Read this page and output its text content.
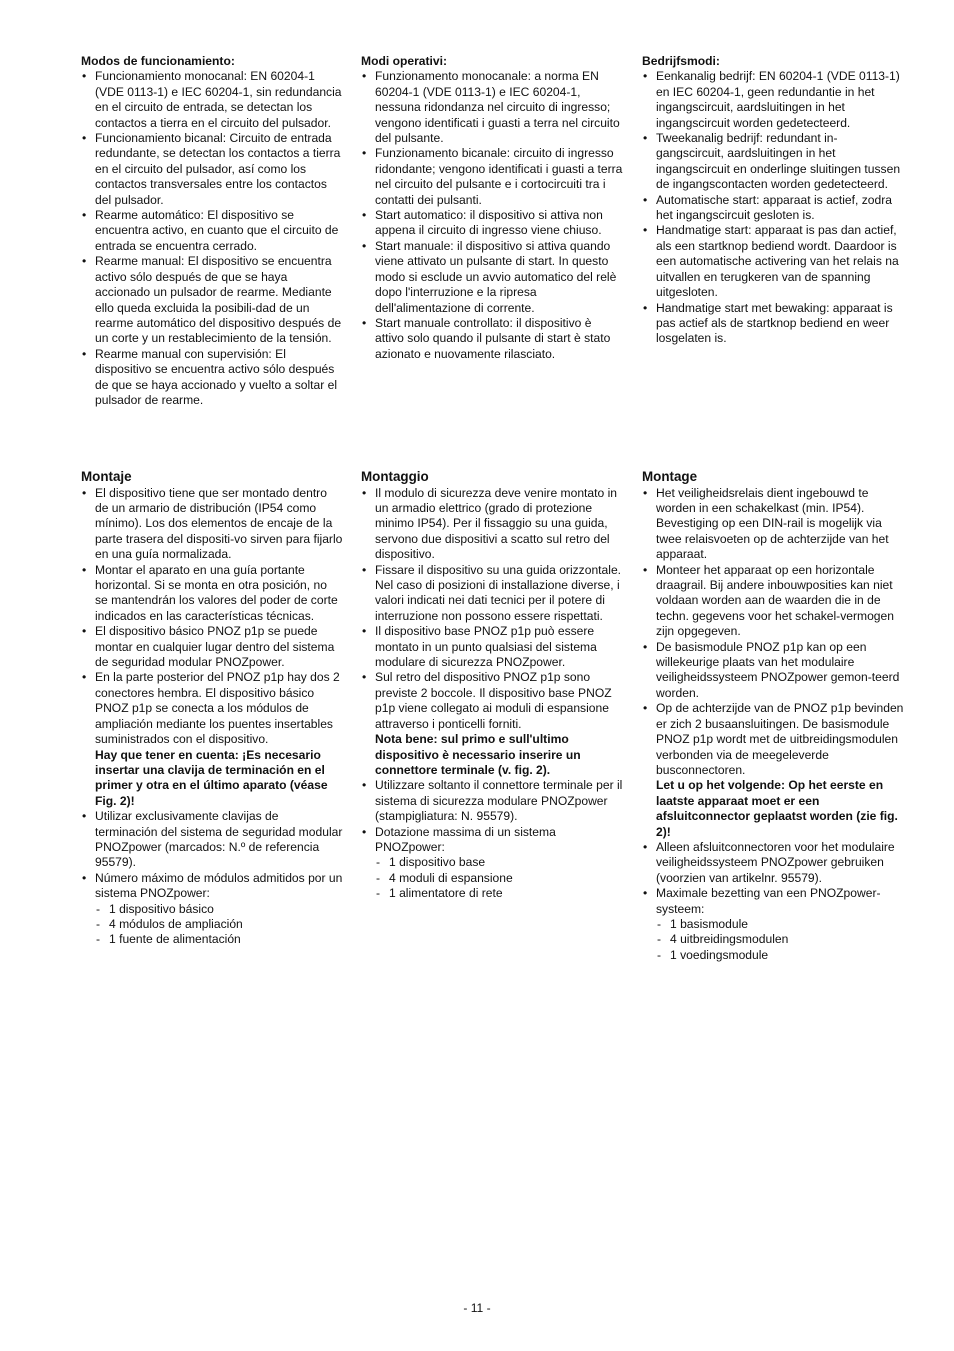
Modos de funcionamiento:

• Funcionamiento monocanal: EN 60204-1 (VDE 0113-1) e IEC 60204-1, sin redundancia en el circuito de entrada, se detectan los contactos a tierra en el circuito del pulsador.
• Funcionamiento bicanal: Circuito de entrada redundante, se detectan los contactos a tierra en el circuito del pulsador, así como los contactos transversales entre los contactos del pulsador.
• Rearme automático: El dispositivo se encuentra activo, en cuanto que el circuito de entrada se encuentra cerrado.
• Rearme manual: El dispositivo se encuentra activo sólo después de que se haya accionado un pulsador de rearme. Mediante ello queda excluida la posibili-dad de un rearme automático del dispositivo después de un corte y un restablecimiento de la tensión.
• Rearme manual con supervisión: El dispositivo se encuentra activo sólo después de que se haya accionado y vuelto a soltar el pulsador de rearme.

Modi operativi:

• Funzionamento monocanale: a norma EN 60204-1 (VDE 0113-1) e IEC 60204-1, nessuna ridondanza nel circuito di ingresso; vengono identificati i guasti a terra nel circuito del pulsante.
• Funzionamento bicanale: circuito di ingresso ridondante; vengono identificati i guasti a terra nel circuito del pulsante e i cortocircuiti tra i contatti dei pulsanti.
• Start automatico: il dispositivo si attiva non appena il circuito di ingresso viene chiuso.
• Start manuale: il dispositivo si attiva quando viene attivato un pulsante di start. In questo modo si esclude un avvio automatico del relè dopo l'interruzione e la ripresa dell'alimentazione di corrente.
• Start manuale controllato: il dispositivo è attivo solo quando il pulsante di start è stato azionato e nuovamente rilasciato.

Bedrijfsmodi:

• Eenkanalig bedrijf: EN 60204-1 (VDE 0113-1) en IEC 60204-1, geen redundantie in het ingangscircuit, aardsluitingen in het ingangscircuit worden gedetecteerd.
• Tweekanalig bedrijf: redundant in-gangscircuit, aardsluitingen in het ingangscircuit en onderlinge sluitingen tussen de ingangscontacten worden gedetecteerd.
• Automatische start: apparaat is actief, zodra het ingangscircuit gesloten is.
• Handmatige start: apparaat is pas dan actief, als een startknop bediend wordt. Daardoor is een automatische activering van het relais na uitvallen en terugkeren van de spanning uitgesloten.
• Handmatige start met bewaking: apparaat is pas actief als de startknop bediend en weer losgelaten is.

Montaje

• El dispositivo tiene que ser montado dentro de un armario de distribución (IP54 como mínimo). Los dos elementos de encaje de la parte trasera del dispositi-vo sirven para fijarlo en una guía normalizada.
• Montar el aparato en una guía portante horizontal. Si se monta en otra posición, no se mantendrán los valores del poder de corte indicados en las características técnicas.
• El dispositivo básico PNOZ p1p se puede montar en cualquier lugar dentro del sistema de seguridad modular PNOZpower.
• En la parte posterior del PNOZ p1p hay dos 2 conectores hembra. El dispositivo básico PNOZ p1p se conecta a los módulos de ampliación mediante los puentes insertables suministrados con el dispositivo.
Hay que tener en cuenta: ¡Es necesario insertar una clavija de terminación en el primer y otra en el último aparato (véase Fig. 2)!
• Utilizar exclusivamente clavijas de terminación del sistema de seguridad modular PNOZpower (marcados: N.º de referencia 95579).
• Número máximo de módulos admitidos por un sistema PNOZpower:
- 1 dispositivo básico
- 4 módulos de ampliación
- 1 fuente de alimentación

Montaggio

• Il modulo di sicurezza deve venire montato in un armadio elettrico (grado di protezione minimo IP54). Per il fissaggio su una guida, servono due dispositivi a scatto sul retro del dispositivo.
• Fissare il dispositivo su una guida orizzontale. Nel caso di posizioni di installazione diverse, i valori indicati nei dati tecnici per il potere di interruzione non possono essere rispettati.
• Il dispositivo base PNOZ p1p può essere montato in un punto qualsiasi del sistema modulare di sicurezza PNOZpower.
• Sul retro del dispositivo PNOZ p1p sono previste 2 boccole. Il dispositivo base PNOZ p1p viene collegato ai moduli di espansione attraverso i ponticelli forniti.
Nota bene: sul primo e sull'ultimo dispositivo è necessario inserire un connettore terminale (v. fig. 2).
• Utilizzare soltanto il connettore terminale per il sistema di sicurezza modulare PNOZpower (stampigliatura: N. 95579).
• Dotazione massima di un sistema PNOZpower:
- 1 dispositivo base
- 4 moduli di espansione
- 1 alimentatore di rete

Montage

• Het veiligheidsrelais dient ingebouwd te worden in een schakelkast (min. IP54). Bevestiging op een DIN-rail is mogelijk via twee relaisvoeten op de achterzijde van het apparaat.
• Monteer het apparaat op een horizontale draagrail. Bij andere inbouwposities kan niet voldaan worden aan de waarden die in de techn. gegevens voor het schakel-vermogen zijn opgegeven.
• De basismodule PNOZ p1p kan op een willekeurige plaats van het modulaire veiligheidssysteem PNOZpower gemon-teerd worden.
• Op de achterzijde van de PNOZ p1p bevinden er zich 2 busaansluitingen. De basismodule PNOZ p1p wordt met de uitbreidingsmodulen verbonden via de meegeleverde busconnectoren.
Let u op het volgende: Op het eerste en laatste apparaat moet er een afsluitconnector geplaatst worden (zie fig. 2)!
• Alleen afsluitconnectoren voor het modulaire veiligheidssysteem PNOZpower gebruiken (voorzien van artikelnr. 95579).
• Maximale bezetting van een PNOZpower-systeem:
- 1 basismodule
- 4 uitbreidingsmodulen
- 1 voedingsmodule
- 11 -
